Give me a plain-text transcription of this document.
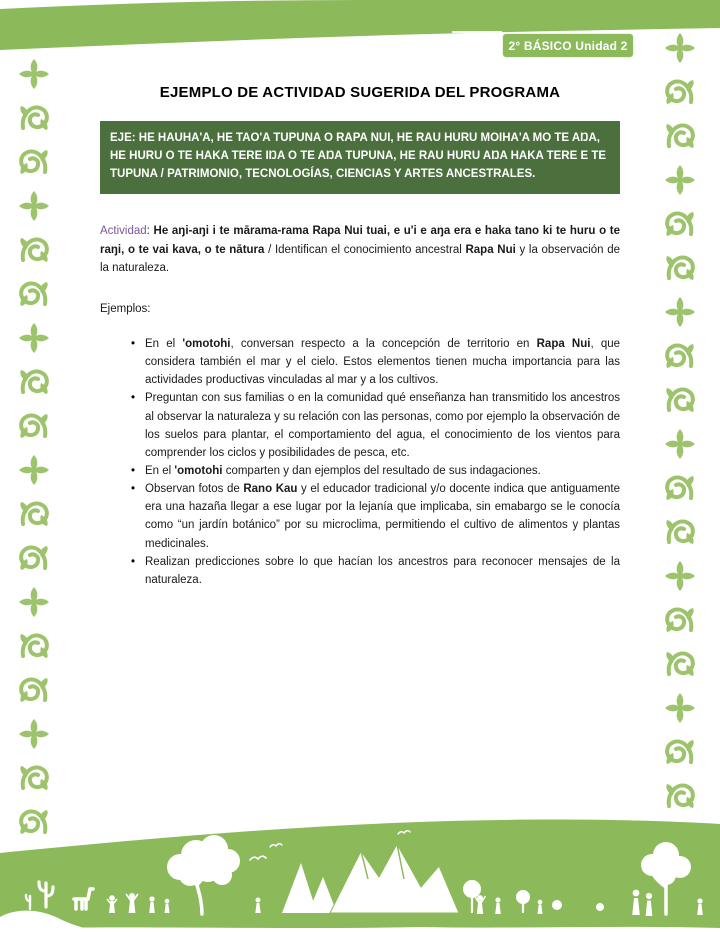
2° BÁSICO Unidad 2
EJEMPLO DE ACTIVIDAD SUGERIDA DEL PROGRAMA
EJE: HE HAUHA'A, HE TAO'A TUPUNA O RAPA NUI, HE RAU HURU MOIHA'A MO TE AŊA, HE HURU O TE HAKA TERE IŊA O TE AŊA TUPUNA, HE RAU HURU AŊA HAKA TERE E TE TUPUNA / PATRIMONIO, TECNOLOGÍAS, CIENCIAS Y ARTES ANCESTRALES.

Actividad: He aŋi-aŋi i te mārama-rama Rapa Nui tuai, e u'i e aŋa era e haka tano ki te huru o te raŋi, o te vai kava, o te nātura / Identifican el conocimiento ancestral Rapa Nui y la observación de la naturaleza.

Ejemplos:

• En el 'omotohi, conversan respecto a la concepción de territorio en Rapa Nui, que considera también el mar y el cielo. Estos elementos tienen mucha importancia para las actividades productivas vinculadas al mar y a los cultivos.
• Preguntan con sus familias o en la comunidad qué enseñanza han transmitido los ancestros al observar la naturaleza y su relación con las personas, como por ejemplo la observación de los suelos para plantar, el comportamiento del agua, el conocimiento de los vientos para comprender los ciclos y posibilidades de pesca, etc.
• En el 'omotohi comparten y dan ejemplos del resultado de sus indagaciones.
• Observan fotos de Rano Kau y el educador tradicional y/o docente indica que antiguamente era una hazaña llegar a ese lugar por la lejanía que implicaba, sin emabargo se le conocía como “un jardín botánico” por su microclima, permitiendo el cultivo de alimentos y plantas medicinales.
• Realizan predicciones sobre lo que hacían los ancestros para reconocer mensajes de la naturaleza.
